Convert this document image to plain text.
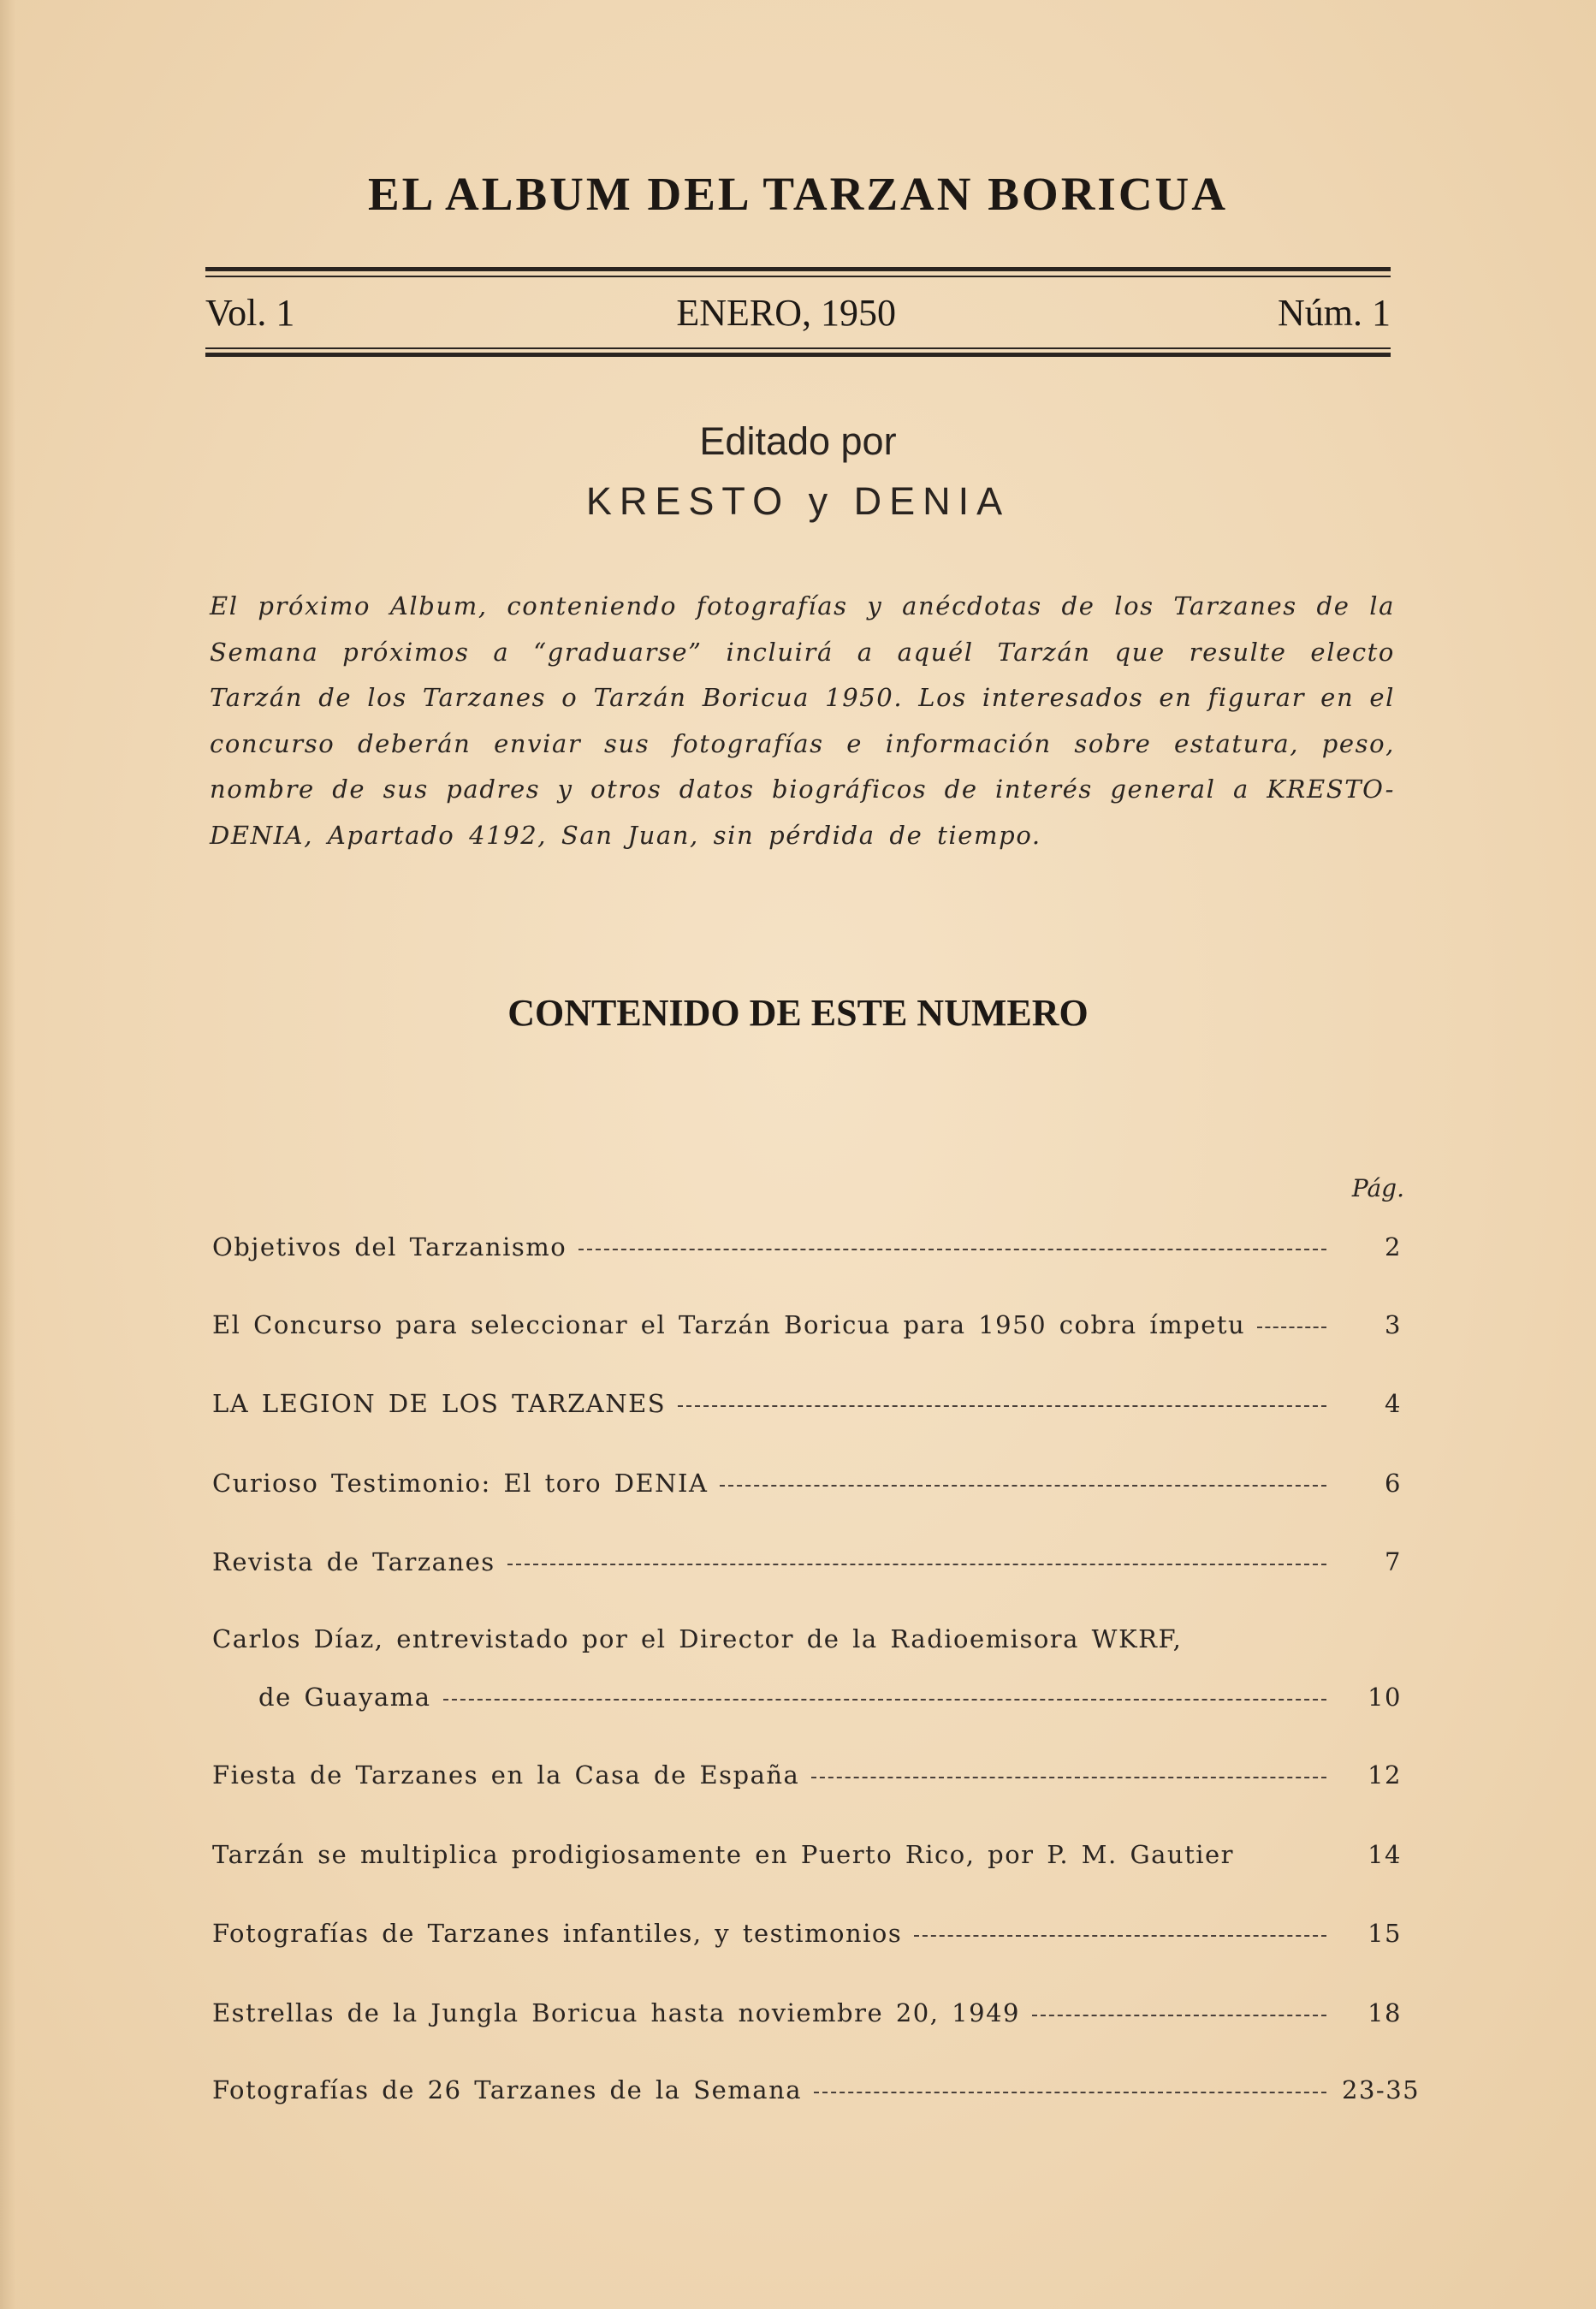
EL ALBUM DEL TARZAN BORICUA
Vol. 1	ENERO, 1950	Núm. 1
Editado por
KRESTO y DENIA
El próximo Album, conteniendo fotografías y anécdotas de los Tarzanes de la Semana próximos a “graduarse” incluirá a aquél Tarzán que resulte electo Tarzán de los Tarzanes o Tarzán Boricua 1950. Los interesados en figurar en el concurso deberán enviar sus fotografías e información sobre estatura, peso, nombre de sus padres y otros datos biográficos de interés general a KRESTO-DENIA, Apartado 4192, San Juan, sin pérdida de tiempo.
CONTENIDO DE ESTE NUMERO
Pág.
Objetivos del Tarzanismo	2
El Concurso para seleccionar el Tarzán Boricua para 1950 cobra ímpetu	3
LA LEGION DE LOS TARZANES	4
Curioso Testimonio: El toro DENIA	6
Revista de Tarzanes	7
Carlos Díaz, entrevistado por el Director de la Radioemisora WKRF,
de Guayama	10
Fiesta de Tarzanes en la Casa de España	12
Tarzán se multiplica prodigiosamente en Puerto Rico, por P. M. Gautier	14
Fotografías de Tarzanes infantiles, y testimonios	15
Estrellas de la Jungla Boricua hasta noviembre 20, 1949	18
Fotografías de 26 Tarzanes de la Semana	23-35
